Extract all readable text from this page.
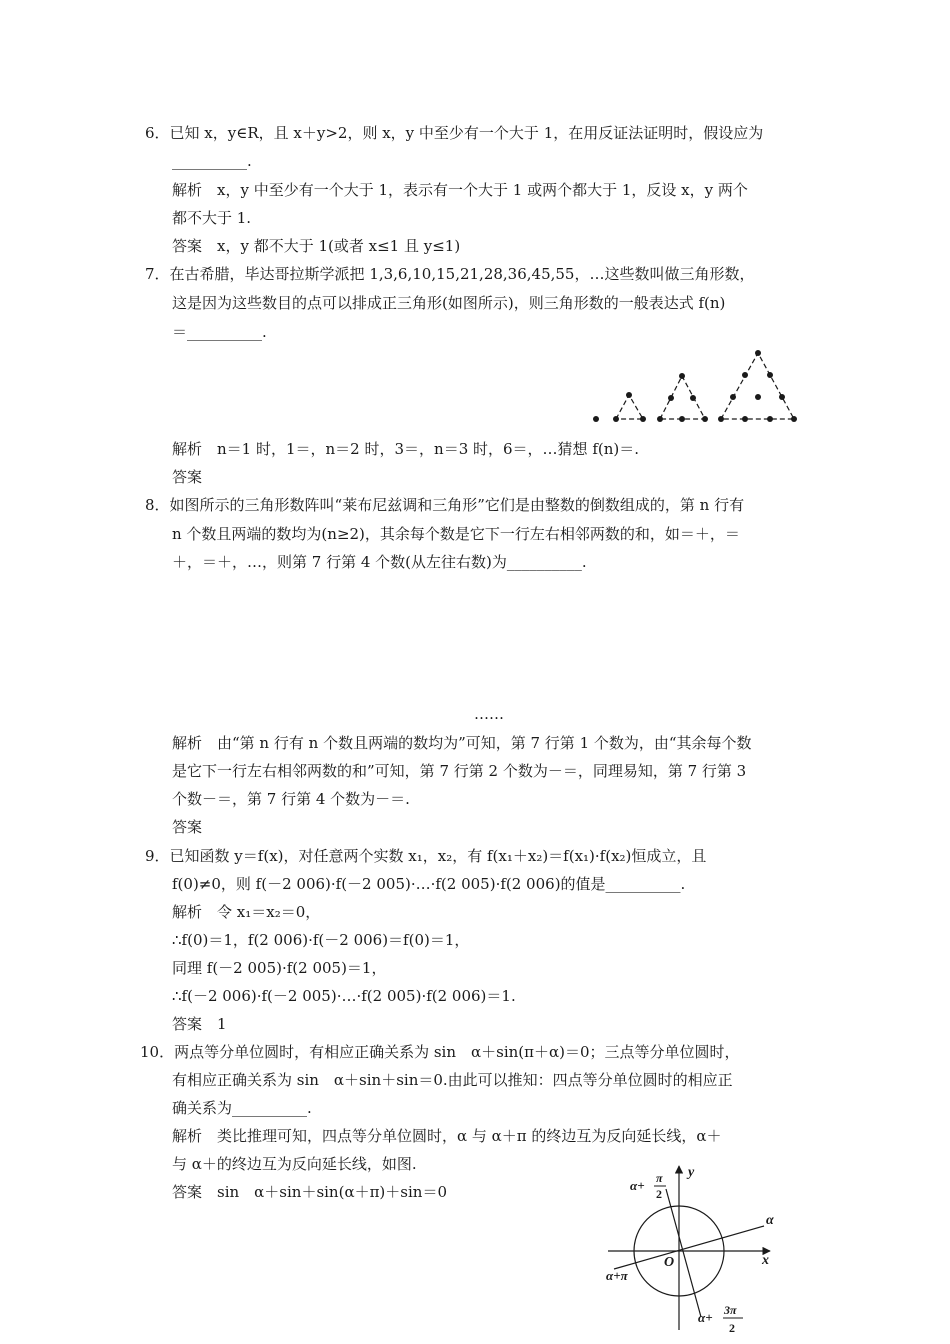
6．已知 x，y∈R，且 x＋y>2，则 x，y 中至少有一个大于 1，在用反证法证明时，假设应为
__________.
解析　x，y 中至少有一个大于 1，表示有一个大于 1 或两个都大于 1，反设 x，y 两个
都不大于 1.
答案　x，y 都不大于 1(或者 x≤1 且 y≤1)
7．在古希腊，毕达哥拉斯学派把 1,3,6,10,15,21,28,36,45,55，…这些数叫做三角形数，
这是因为这些数目的点可以排成正三角形(如图所示)，则三角形数的一般表达式 f(n)
＝__________.
解析　n＝1 时，1＝，n＝2 时，3＝，n＝3 时，6＝，…猜想 f(n)＝.
答案
8．如图所示的三角形数阵叫“莱布尼兹调和三角形”它们是由整数的倒数组成的，第 n 行有
n 个数且两端的数均为(n≥2)，其余每个数是它下一行左右相邻两数的和，如＝＋，＝
＋，＝＋，…，则第 7 行第 4 个数(从左往右数)为__________.
……
解析　由“第 n 行有 n 个数且两端的数均为”可知，第 7 行第 1 个数为，由“其余每个数
是它下一行左右相邻两数的和”可知，第 7 行第 2 个数为－＝，同理易知，第 7 行第 3
个数－＝，第 7 行第 4 个数为－＝.
答案
9．已知函数 y＝f(x)，对任意两个实数 x₁，x₂，有 f(x₁＋x₂)＝f(x₁)·f(x₂)恒成立，且
f(0)≠0，则 f(－2 006)·f(－2 005)·…·f(2 005)·f(2 006)的值是__________.
解析　令 x₁＝x₂＝0，
∴f(0)＝1，f(2 006)·f(－2 006)＝f(0)＝1，
同理 f(－2 005)·f(2 005)＝1，
∴f(－2 006)·f(－2 005)·…·f(2 005)·f(2 006)＝1.
答案　1
10．两点等分单位圆时，有相应正确关系为 sin　α＋sin(π＋α)＝0；三点等分单位圆时，
有相应正确关系为 sin　α＋sin＋sin＝0.由此可以推知：四点等分单位圆时的相应正
确关系为__________.
解析　类比推理可知，四点等分单位圆时，α 与 α＋π 的终边互为反向延长线，α＋
与 α＋的终边互为反向延长线，如图.
答案　sin　α＋sin＋sin(α＋π)＋sin＝0
y
x
O
α
α+π
α+ π
2
α+ 3π
2
